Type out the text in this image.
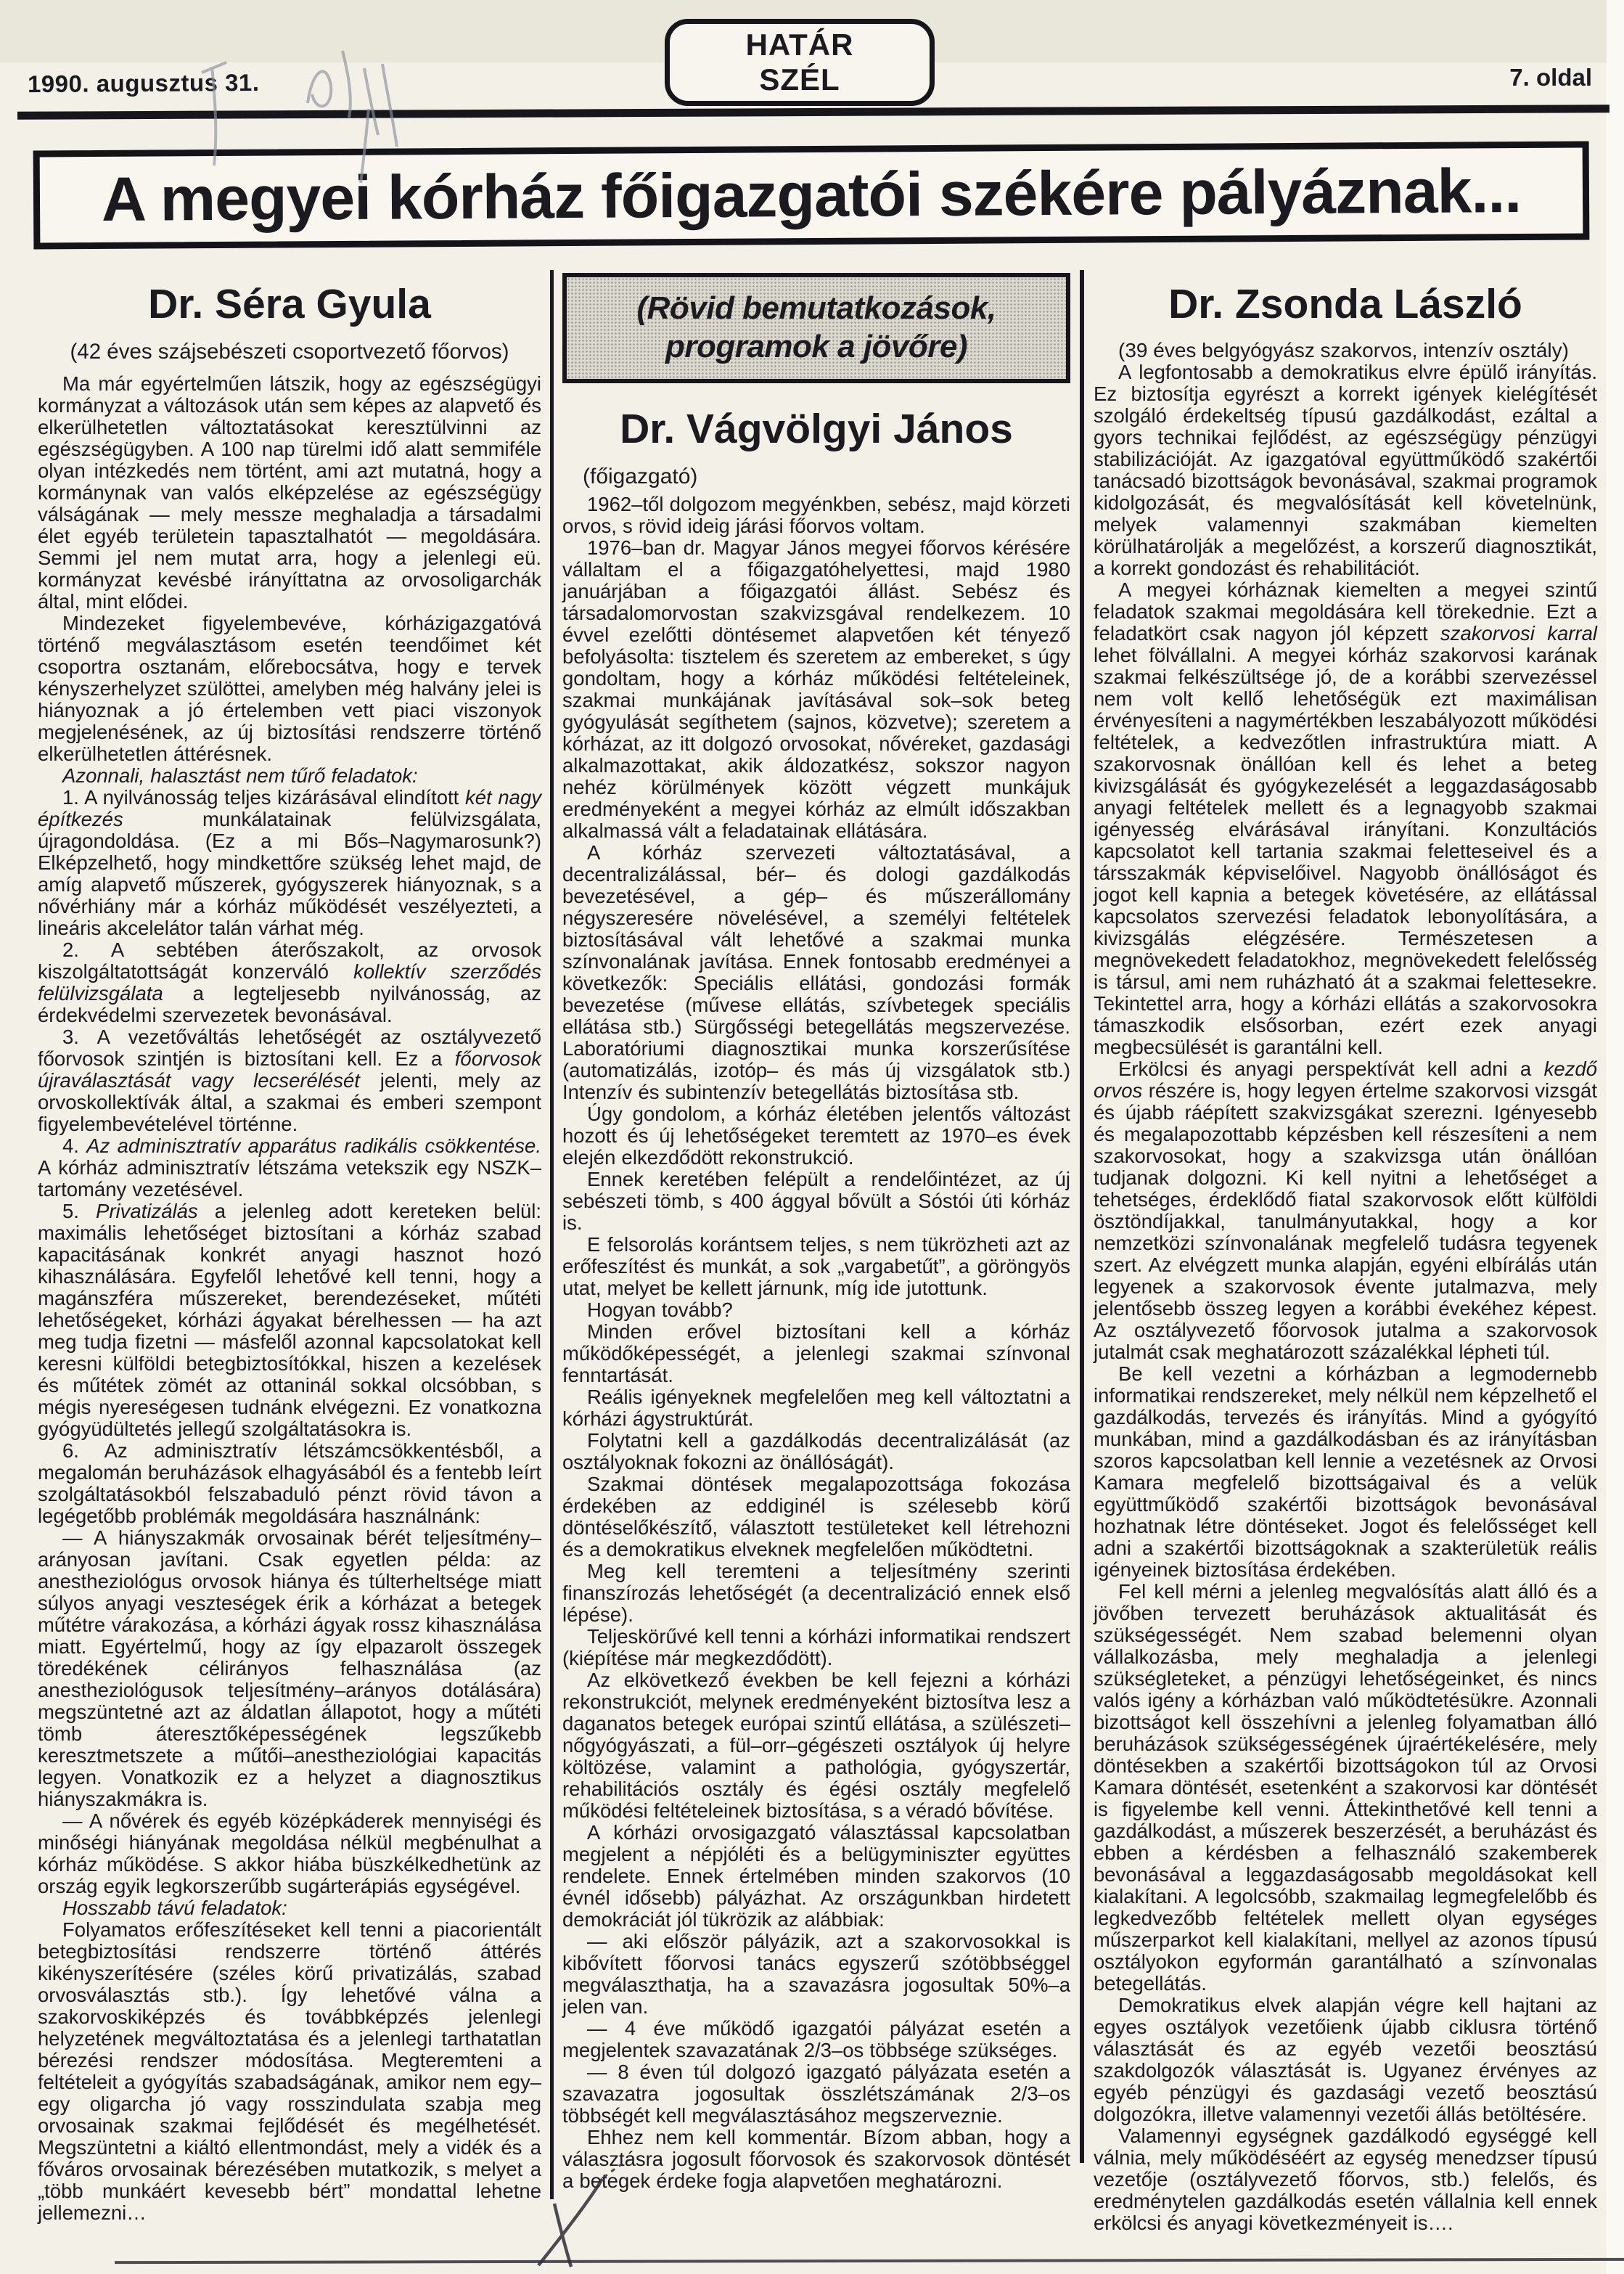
1990. augusztus 31.
HATÁR
SZÉL	7. oldal
A megyei kórház főigazgatói székére pályáznak...
Dr. Séra Gyula

(42 éves szájsebészeti csoportvezető főorvos)

Ma már egyértelműen látszik, hogy az egészségügyi kormányzat a változások után sem képes az alapvető és elkerülhetetlen változtatásokat keresztülvinni az egészségügyben. A 100 nap türelmi idő alatt semmiféle olyan intézkedés nem történt, ami azt mutatná, hogy a kormánynak van valós elképzelése az egészségügy válságának — mely messze meghaladja a társadalmi élet egyéb területein tapasztalhatót — megoldására. Semmi jel nem mutat arra, hogy a jelenlegi eü. kormányzat kevésbé irányíttatna az orvosoligarchák által, mint elődei.

Mindezeket figyelembevéve, kórházigazgatóvá történő megválasztásom esetén teendőimet két csoportra osztanám, előrebocsátva, hogy e tervek kényszerhelyzet szülöttei, amelyben még halvány jelei is hiányoznak a jó értelemben vett piaci viszonyok megjelenésének, az új biztosítási rendszerre történő elkerülhetetlen áttérésnek.

Azonnali, halasztást nem tűrő feladatok:

1. A nyilvánosság teljes kizárásával elindított két nagy építkezés munkálatainak felülvizsgálata, újragondoldása. (Ez a mi Bős–Nagymarosunk?) Elképzelhető, hogy mindkettőre szükség lehet majd, de amíg alapvető műszerek, gyógyszerek hiányoznak, s a nővérhiány már a kórház működését veszélyezteti, a lineáris akcelelátor talán várhat még.

2. A sebtében áterőszakolt, az orvosok kiszolgáltatottságát konzerváló kollektív szerződés felülvizsgálata a legteljesebb nyilvánosság, az érdekvédelmi szervezetek bevonásával.

3. A vezetőváltás lehetőségét az osztályvezető főorvosok szintjén is biztosítani kell. Ez a főorvosok újraválasztását vagy lecserélését jelenti, mely az orvoskollektívák által, a szakmai és emberi szempont figyelembevételével történne.

4. Az adminisztratív apparátus radikális csökkentése. A kórház adminisztratív létszáma vetekszik egy NSZK–tartomány vezetésével.

5. Privatizálás a jelenleg adott kereteken belül: maximális lehetőséget biztosítani a kórház szabad kapacitásának konkrét anyagi hasznot hozó kihasználására. Egyfelől lehetővé kell tenni, hogy a magánszféra műszereket, berendezéseket, műtéti lehetőségeket, kórházi ágyakat bérelhessen — ha azt meg tudja fizetni — másfelől azonnal kapcsolatokat kell keresni külföldi betegbiztosítókkal, hiszen a kezelések és műtétek zömét az ottaninál sokkal olcsóbban, s mégis nyereségesen tudnánk elvégezni. Ez vonatkozna gyógyüdültetés jellegű szolgáltatásokra is.

6. Az adminisztratív létszámcsökkentésből, a megalomán beruházások elhagyásából és a fentebb leírt szolgáltatásokból felszabaduló pénzt rövid távon a legégetőbb problémák megoldására használnánk:

— A hiányszakmák orvosainak bérét teljesítmény–arányosan javítani. Csak egyetlen példa: az anestheziológus orvosok hiánya és túlterheltsége miatt súlyos anyagi veszteségek érik a kórházat a betegek műtétre várakozása, a kórházi ágyak rossz kihasználása miatt. Egyértelmű, hogy az így elpazarolt összegek töredékének célirányos felhasználása (az anestheziológusok teljesítmény–arányos dotálására) megszüntetné azt az áldatlan állapotot, hogy a műtéti tömb áteresztőképességének legszűkebb keresztmetszete a műtői–anestheziológiai kapacitás legyen. Vonatkozik ez a helyzet a diagnosztikus hiányszakmákra is.

— A nővérek és egyéb középkáderek mennyiségi és minőségi hiányának megoldása nélkül megbénulhat a kórház működése. S akkor hiába büszkélkedhetünk az ország egyik legkorszerűbb sugárterápiás egységével.

Hosszabb távú feladatok:

Folyamatos erőfeszítéseket kell tenni a piacorientált betegbiztosítási rendszerre történő áttérés kikényszerítésére (széles körű privatizálás, szabad orvosválasztás stb.). Így lehetővé válna a szakorvoskiképzés és továbbképzés jelenlegi helyzetének megváltoztatása és a jelenlegi tarthatatlan bérezési rendszer módosítása. Megteremteni a feltételeit a gyógyítás szabadságának, amikor nem egy–egy oligarcha jó vagy rosszindulata szabja meg orvosainak szakmai fejlődését és megélhetését. Megszüntetni a kiáltó ellentmondást, mely a vidék és a főváros orvosainak bérezésében mutatkozik, s melyet a „több munkáért kevesebb bért” mondattal lehetne jellemezni…

(Rövid bemutatkozások, programok a jövőre)
Dr. Vágvölgyi János

(főigazgató)

1962–től dolgozom megyénkben, sebész, majd körzeti orvos, s rövid ideig járási főorvos voltam.

1976–ban dr. Magyar János megyei főorvos kérésére vállaltam el a főigazgatóhelyettesi, majd 1980 januárjában a főigazgatói állást. Sebész és társadalomorvostan szakvizsgával rendelkezem. 10 évvel ezelőtti döntésemet alapvetően két tényező befolyásolta: tisztelem és szeretem az embereket, s úgy gondoltam, hogy a kórház működési feltételeinek, szakmai munkájának javításával sok–sok beteg gyógyulását segíthetem (sajnos, közvetve); szeretem a kórházat, az itt dolgozó orvosokat, nővéreket, gazdasági alkalmazottakat, akik áldozatkész, sokszor nagyon nehéz körülmények között végzett munkájuk eredményeként a megyei kórház az elmúlt időszakban alkalmassá vált a feladatainak ellátására.

A kórház szervezeti változtatásával, a decentralizálással, bér– és dologi gazdálkodás bevezetésével, a gép– és műszerállomány négyszeresére növelésével, a személyi feltételek biztosításával vált lehetővé a szakmai munka színvonalának javítása. Ennek fontosabb eredményei a következők: Speciális ellátási, gondozási formák bevezetése (művese ellátás, szívbetegek speciális ellátása stb.) Sürgősségi betegellátás megszervezése. Laboratóriumi diagnosztikai munka korszerűsítése (automatizálás, izotóp– és más új vizsgálatok stb.) Intenzív és subintenzív betegellátás biztosítása stb.

Úgy gondolom, a kórház életében jelentős változást hozott és új lehetőségeket teremtett az 1970–es évek elején elkezdődött rekonstrukció.

Ennek keretében felépült a rendelőintézet, az új sebészeti tömb, s 400 ággyal bővült a Sóstói úti kórház is.

E felsorolás korántsem teljes, s nem tükrözheti azt az erőfeszítést és munkát, a sok „vargabetűt”, a göröngyös utat, melyet be kellett járnunk, míg ide jutottunk.

Hogyan tovább?

Minden erővel biztosítani kell a kórház működőképességét, a jelenlegi szakmai színvonal fenntartását.

Reális igényeknek megfelelően meg kell változtatni a kórházi ágystruktúrát.

Folytatni kell a gazdálkodás decentralizálását (az osztályoknak fokozni az önállóságát).

Szakmai döntések megalapozottsága fokozása érdekében az eddiginél is szélesebb körű döntéselőkészítő, választott testületeket kell létrehozni és a demokratikus elveknek megfelelően működtetni.

Meg kell teremteni a teljesítmény szerinti finanszírozás lehetőségét (a decentralizáció ennek első lépése).

Teljeskörűvé kell tenni a kórházi informatikai rendszert (kiépítése már megkezdődött).

Az elkövetkező években be kell fejezni a kórházi rekonstrukciót, melynek eredményeként biztosítva lesz a daganatos betegek európai szintű ellátása, a szülészeti–nőgyógyászati, a fül–orr–gégészeti osztályok új helyre költözése, valamint a pathológia, gyógyszertár, rehabilitációs osztály és égési osztály megfelelő működési feltételeinek biztosítása, s a véradó bővítése.

A kórházi orvosigazgató választással kapcsolatban megjelent a népjóléti és a belügyminiszter együttes rendelete. Ennek értelmében minden szakorvos (10 évnél idősebb) pályázhat. Az országunkban hirdetett demokráciát jól tükrözik az alábbiak:

— aki először pályázik, azt a szakorvosokkal is kibővített főorvosi tanács egyszerű szótöbbséggel megválaszthatja, ha a szavazásra jogosultak 50%–a jelen van.

— 4 éve működő igazgatói pályázat esetén a megjelentek szavazatának 2/3–os többsége szükséges.

— 8 éven túl dolgozó igazgató pályázata esetén a szavazatra jogosultak összlétszámának 2/3–os többségét kell megválasztásához megszerveznie.

Ehhez nem kell kommentár. Bízom abban, hogy a választásra jogosult főorvosok és szakorvosok döntését a betegek érdeke fogja alapvetően meghatározni.

Dr. Zsonda László

(39 éves belgyógyász szakorvos, intenzív osztály)

A legfontosabb a demokratikus elvre épülő irányítás. Ez biztosítja egyrészt a korrekt igények kielégítését szolgáló érdekeltség típusú gazdálkodást, ezáltal a gyors technikai fejlődést, az egészségügy pénzügyi stabilizációját. Az igazgatóval együttműködő szakértői tanácsadó bizottságok bevonásával, szakmai programok kidolgozását, és megvalósítását kell követelnünk, melyek valamennyi szakmában kiemelten körülhatárolják a megelőzést, a korszerű diagnosztikát, a korrekt gondozást és rehabilitációt.

A megyei kórháznak kiemelten a megyei szintű feladatok szakmai megoldására kell törekednie. Ezt a feladatkört csak nagyon jól képzett szakorvosi karral lehet fölvállalni. A megyei kórház szakorvosi karának szakmai felkészültsége jó, de a korábbi szervezéssel nem volt kellő lehetőségük ezt maximálisan érvényesíteni a nagymértékben leszabályozott működési feltételek, a kedvezőtlen infrastruktúra miatt. A szakorvosnak önállóan kell és lehet a beteg kivizsgálását és gyógykezelését a leggazdaságosabb anyagi feltételek mellett és a legnagyobb szakmai igényesség elvárásával irányítani. Konzultációs kapcsolatot kell tartania szakmai feletteseivel és a társszakmák képviselőivel. Nagyobb önállóságot és jogot kell kapnia a betegek követésére, az ellátással kapcsolatos szervezési feladatok lebonyolítására, a kivizsgálás elégzésére. Természetesen a megnövekedett feladatokhoz, megnövekedett felelősség is társul, ami nem ruházható át a szakmai felettesekre. Tekintettel arra, hogy a kórházi ellátás a szakorvosokra támaszkodik elsősorban, ezért ezek anyagi megbecsülését is garantálni kell.

Erkölcsi és anyagi perspektívát kell adni a kezdő orvos részére is, hogy legyen értelme szakorvosi vizsgát és újabb ráépített szakvizsgákat szerezni. Igényesebb és megalapozottabb képzésben kell részesíteni a nem szakorvosokat, hogy a szakvizsga után önállóan tudjanak dolgozni. Ki kell nyitni a lehetőséget a tehetséges, érdeklődő fiatal szakorvosok előtt külföldi ösztöndíjakkal, tanulmányutakkal, hogy a kor nemzetközi színvonalának megfelelő tudásra tegyenek szert. Az elvégzett munka alapján, egyéni elbírálás után legyenek a szakorvosok évente jutalmazva, mely jelentősebb összeg legyen a korábbi évekéhez képest. Az osztályvezető főorvosok jutalma a szakorvosok jutalmát csak meghatározott százalékkal lépheti túl.

Be kell vezetni a kórházban a legmodernebb informatikai rendszereket, mely nélkül nem képzelhető el gazdálkodás, tervezés és irányítás. Mind a gyógyító munkában, mind a gazdálkodásban és az irányításban szoros kapcsolatban kell lennie a vezetésnek az Orvosi Kamara megfelelő bizottságaival és a velük együttműködő szakértői bizottságok bevonásával hozhatnak létre döntéseket. Jogot és felelősséget kell adni a szakértői bizottságoknak a szakterületük reális igényeinek biztosítása érdekében.

Fel kell mérni a jelenleg megvalósítás alatt álló és a jövőben tervezett beruházások aktualitását és szükségességét. Nem szabad belemenni olyan vállalkozásba, mely meghaladja a jelenlegi szükségleteket, a pénzügyi lehetőségeinket, és nincs valós igény a kórházban való működtetésükre. Azonnali bizottságot kell összehívni a jelenleg folyamatban álló beruházások szükségességének újraértékelésére, mely döntésekben a szakértői bizottságokon túl az Orvosi Kamara döntését, esetenként a szakorvosi kar döntését is figyelembe kell venni. Áttekinthetővé kell tenni a gazdálkodást, a műszerek beszerzését, a beruházást és ebben a kérdésben a felhasználó szakemberek bevonásával a leggazdaságosabb megoldásokat kell kialakítani. A legolcsóbb, szakmailag legmegfelelőbb és legkedvezőbb feltételek mellett olyan egységes műszerparkot kell kialakítani, mellyel az azonos típusú osztályokon egyformán garantálható a színvonalas betegellátás.

Demokratikus elvek alapján végre kell hajtani az egyes osztályok vezetőienk újabb ciklusra történő választását és az egyéb vezetői beosztású szakdolgozók választását is. Ugyanez érvényes az egyéb pénzügyi és gazdasági vezető beosztású dolgozókra, illetve valamennyi vezetői állás betöltésére.

Valamennyi egységnek gazdálkodó egységgé kell válnia, mely működéséért az egység menedzser típusú vezetője (osztályvezető főorvos, stb.) felelős, és eredménytelen gazdálkodás esetén vállalnia kell ennek erkölcsi és anyagi következményeit is….
